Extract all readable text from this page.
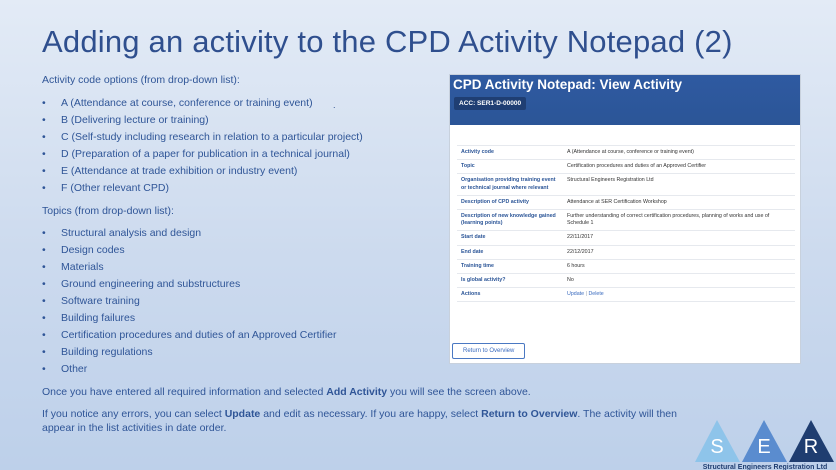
Adding an activity to the CPD Activity Notepad (2)
Activity code options (from drop-down list):
• A (Attendance at course, conference or training event)
• B (Delivering lecture or training)
• C (Self-study including research in relation to a particular project)
• D (Preparation of a paper for publication in a technical journal)
• E (Attendance at trade exhibition or industry event)
• F (Other relevant CPD)
.
Topics (from drop-down list):
• Structural analysis and design
• Design codes
• Materials
• Ground engineering and substructures
• Software training
• Building failures
• Certification procedures and duties of an Approved Certifier
• Building regulations
• Other
Once you have entered all required information and selected Add Activity you will see the screen above.
If you notice any errors, you can select Update and edit as necessary. If you are happy, select Return to Overview. The activity will then appear in the list activities in date order.
CPD Activity Notepad: View Activity
ACC: SER1-D-00000
Activity code	A (Attendance at course, conference or training event)
Topic	Certification procedures and duties of an Approved Certifier
Organisation providing training event or technical journal where relevant	Structural Engineers Registration Ltd
Description of CPD activity	Attendance at SER Certification Workshop
Description of new knowledge gained (learning points)	Further understanding of correct certification procedures, planning of works and use of Schedule 1
Start date	22/11/2017
End date	22/12/2017
Training time	6 hours
Is global activity?	No
Actions	Update | Delete
Return to Overview
S E R
Structural Engineers Registration Ltd
